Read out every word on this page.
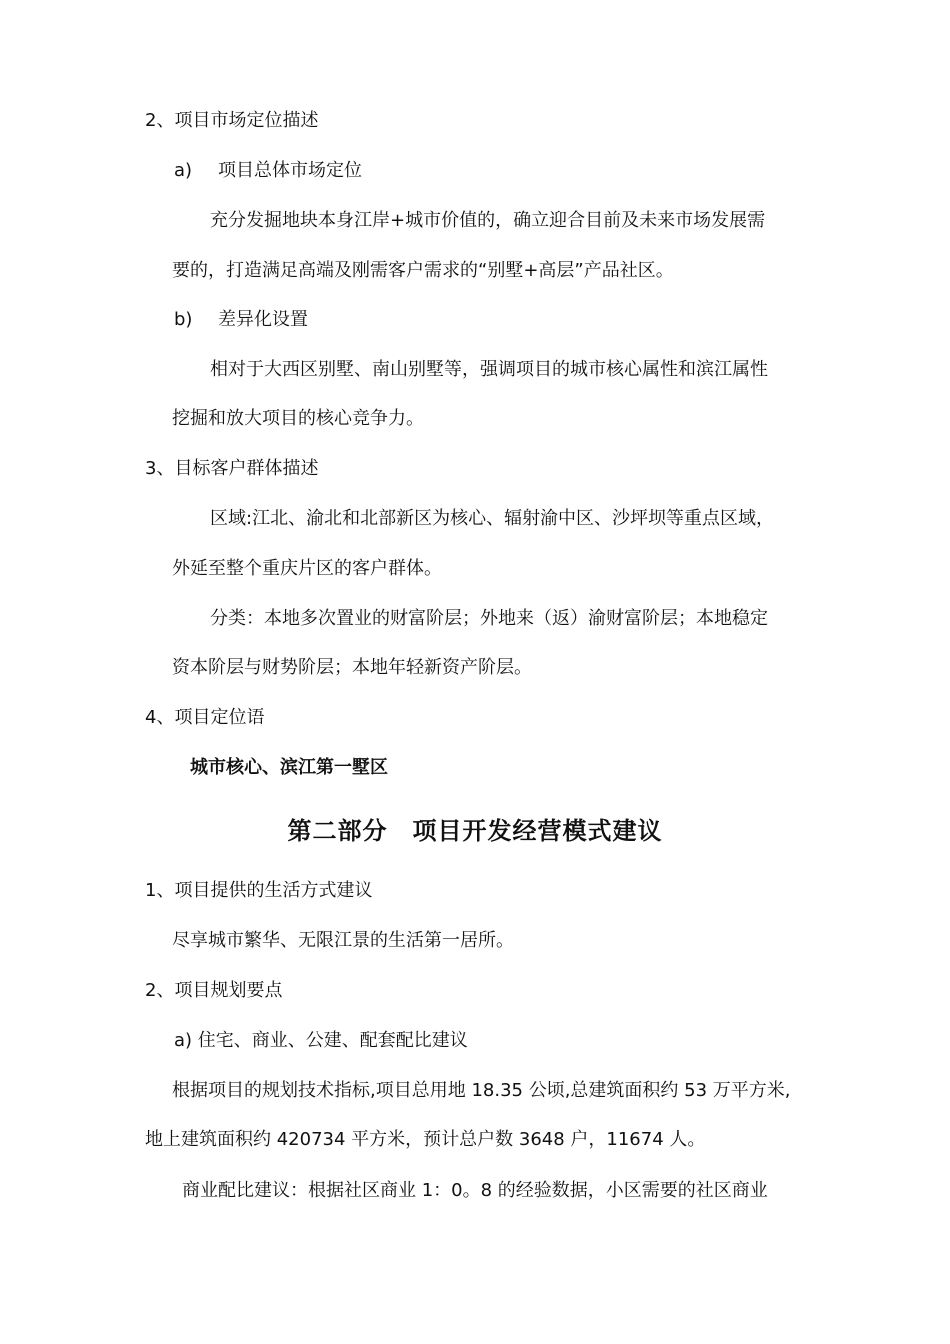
2、项目市场定位描述

a) 项目总体市场定位

充分发掘地块本身江岸+城市价值的，确立迎合目前及未来市场发展需

要的，打造满足高端及刚需客户需求的“别墅+高层”产品社区。

b) 差异化设置

相对于大西区别墅、南山别墅等，强调项目的城市核心属性和滨江属性

挖掘和放大项目的核心竞争力。

3、目标客户群体描述

区域:江北、渝北和北部新区为核心、辐射渝中区、沙坪坝等重点区域，

外延至整个重庆片区的客户群体。

分类：本地多次置业的财富阶层；外地来（返）渝财富阶层；本地稳定

资本阶层与财势阶层；本地年轻新资产阶层。

4、项目定位语

城市核心、滨江第一墅区

第二部分　项目开发经营模式建议

1、项目提供的生活方式建议

尽享城市繁华、无限江景的生活第一居所。

2、项目规划要点

a) 住宅、商业、公建、配套配比建议

根据项目的规划技术指标,项目总用地 18.35 公顷,总建筑面积约 53 万平方米,

地上建筑面积约 420734 平方米，预计总户数 3648 户，11674 人。

商业配比建议：根据社区商业 1：0。8 的经验数据，小区需要的社区商业
